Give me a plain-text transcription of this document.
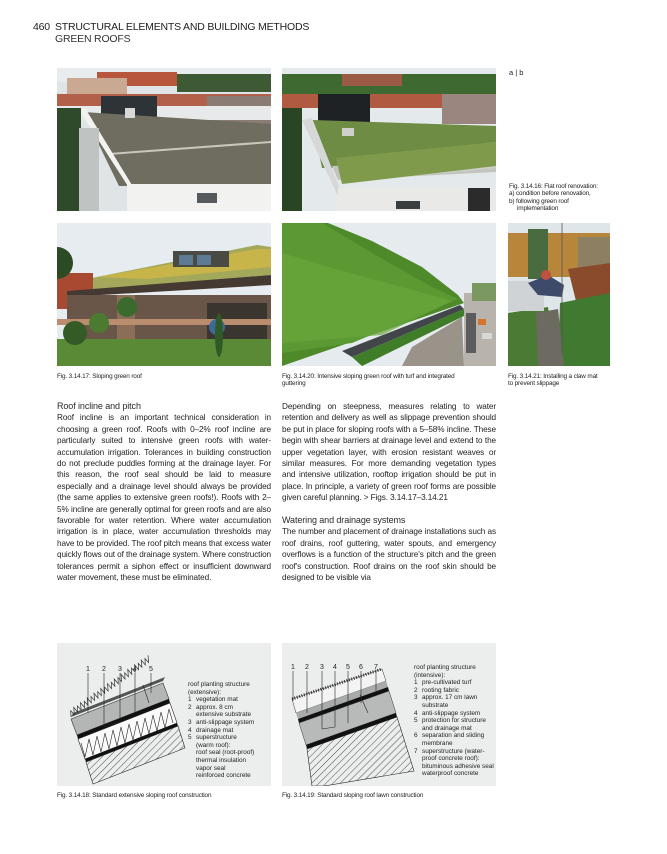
460 STRUCTURAL ELEMENTS AND BUILDING METHODS
GREEN ROOFS
a | b
Fig. 3.14.16: Flat roof renovation:
a) condition before renovation,
b) following green roof
implementation
Fig. 3.14.17: Sloping green roof	Fig. 3.14.20: Intensive sloping green roof with turf and integrated
guttering
Fig. 3.14.21: Installing a claw mat
to prevent slippage

Roof incline and pitch

Roof incline is an important technical consideration in choosing a green roof. Roofs with 0–2% roof incline are particularly suited to intensive green roofs with water-accumulation irrigation. Tolerances in building construction do not preclude puddles forming at the drainage layer. For this reason, the roof seal should be laid to measure especially and a drainage level should always be provided (the same applies to extensive green roofs!). Roofs with 2–5% incline are generally optimal for green roofs and are also favorable for water retention. Where water accumulation irrigation is in place, water accumulation thresholds may have to be provided. The roof pitch means that excess water quickly flows out of the drainage system. Where construction tolerances permit a siphon effect or insufficient downward water movement, these must be eliminated.

Depending on steepness, measures relating to water retention and delivery as well as slippage prevention should be put in place for sloping roofs with a 5–58% incline. These begin with shear barriers at drainage level and extend to the upper vegetation layer, with erosion resistant weaves or similar measures. For more demanding vegetation types and intensive utilization, rooftop irrigation should be put in place. In principle, a variety of green roof forms are possible given careful planning. > Figs. 3.14.17–3.14.21

Watering and drainage systems

The number and placement of drainage installations such as roof drains, roof guttering, water spouts, and emergency overflows is a function of the structure's pitch and the green roof's construction. Roof drains on the roof skin should be designed to be visible via

1 2 3 4 5
roof planting structure
(extensive):
1 vegetation mat
2 approx. 8 cm
extensive substrate
3 anti-slippage system
4 drainage mat
5 superstructure
(warm roof):
roof seal (root-proof)
thermal insulation
vapor seal
reinforced concrete
Fig. 3.14.18: Standard extensive sloping roof construction
1 2 3 4 5 6 7	roof planting structure
(intensive):
1 pre-cultivated turf
2 rooting fabric
3 approx. 17 cm lawn
substrate
4 anti-slippage system
5 protection for structure
and drainage mat
6 separation and sliding
membrane
7 superstructure (water-
proof concrete roof):
bituminous adhesive seal
waterproof concrete
Fig. 3.14.19: Standard sloping roof lawn construction
